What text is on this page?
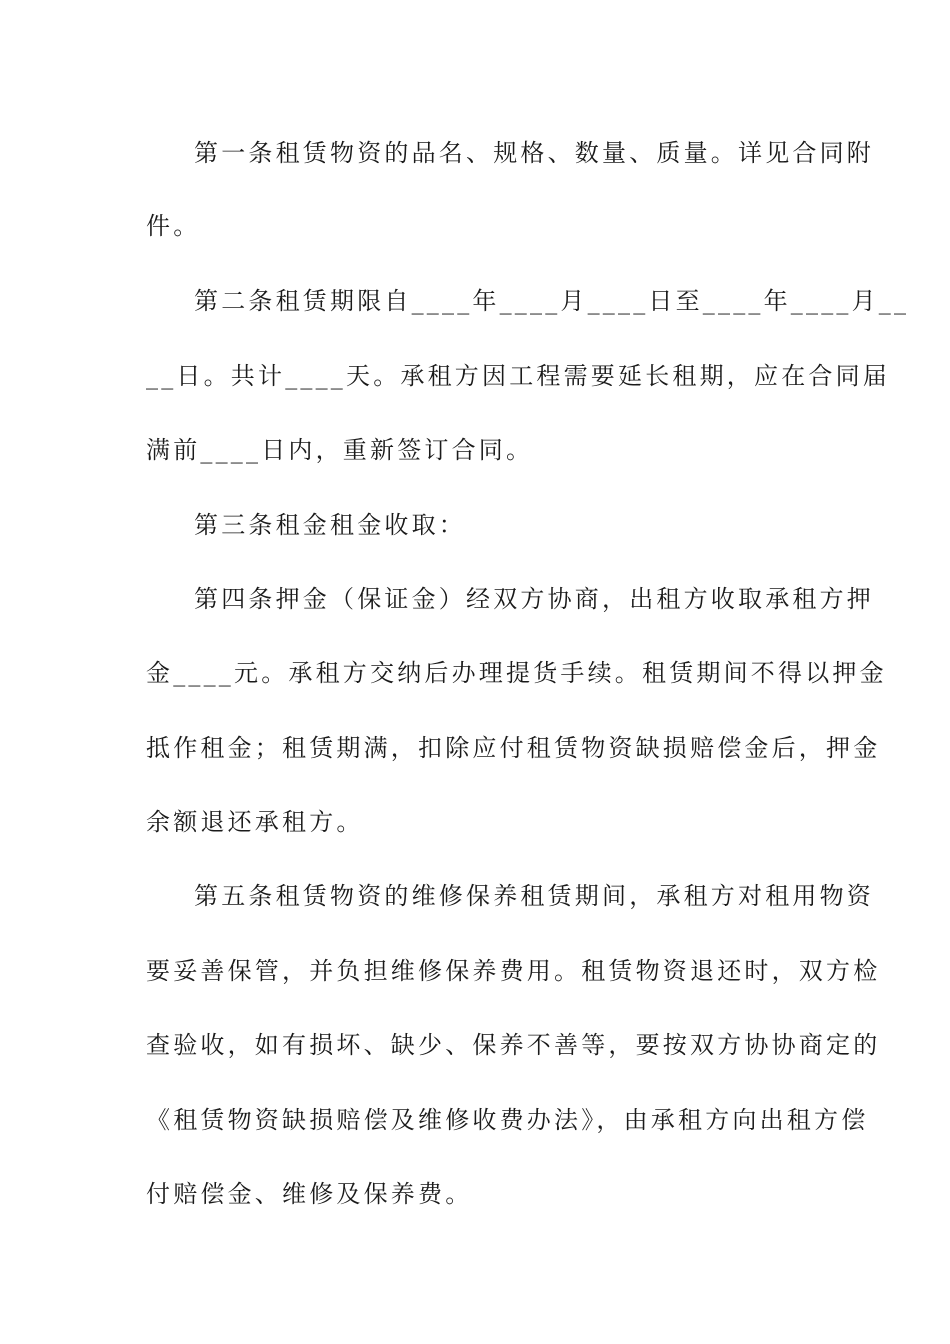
第一条租赁物资的品名、规格、数量、质量。详见合同附
件。
第二条租赁期限自____年____月____日至____年____月__
__日。共计____天。承租方因工程需要延长租期，应在合同届
满前____日内，重新签订合同。
第三条租金租金收取：
第四条押金（保证金）经双方协商，出租方收取承租方押
金____元。承租方交纳后办理提货手续。租赁期间不得以押金
抵作租金；租赁期满，扣除应付租赁物资缺损赔偿金后，押金
余额退还承租方。
第五条租赁物资的维修保养租赁期间，承租方对租用物资
要妥善保管，并负担维修保养费用。租赁物资退还时，双方检
查验收，如有损坏、缺少、保养不善等，要按双方协协商定的
《租赁物资缺损赔偿及维修收费办法》，由承租方向出租方偿
付赔偿金、维修及保养费。
